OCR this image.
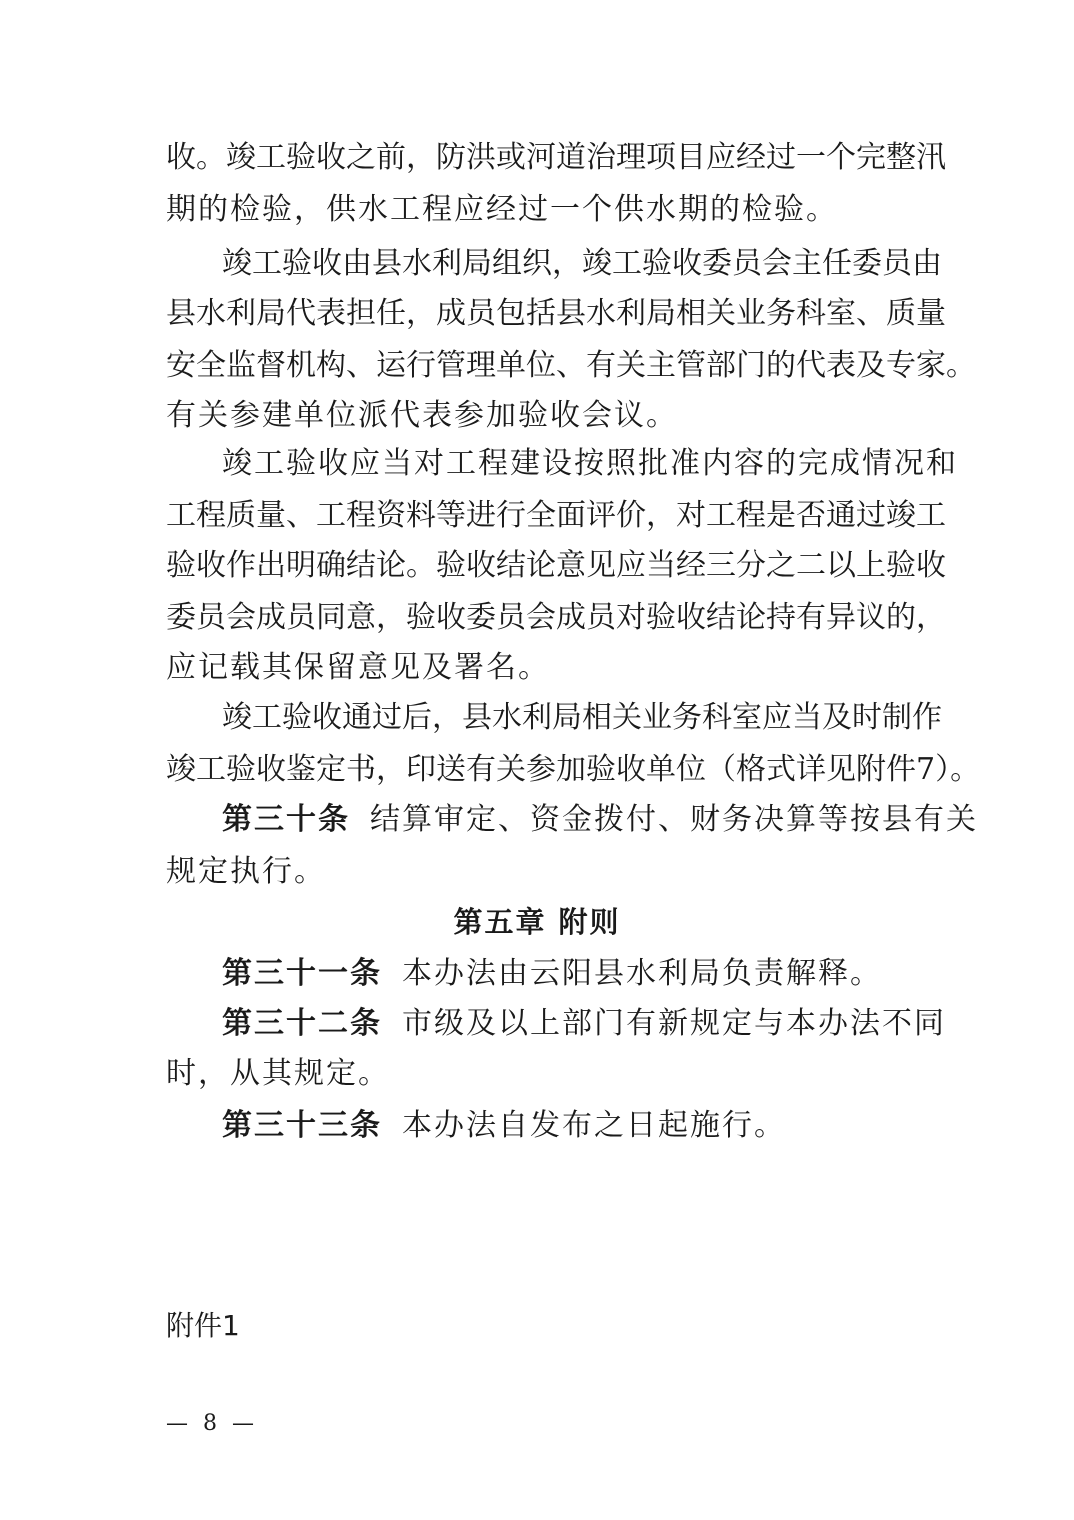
收。竣工验收之前，防洪或河道治理项目应经过一个完整汛
期的检验，供水工程应经过一个供水期的检验。
竣工验收由县水利局组织，竣工验收委员会主任委员由
县水利局代表担任，成员包括县水利局相关业务科室、质量
安全监督机构、运行管理单位、有关主管部门的代表及专家。
有关参建单位派代表参加验收会议。
竣工验收应当对工程建设按照批准内容的完成情况和
工程质量、工程资料等进行全面评价，对工程是否通过竣工
验收作出明确结论。验收结论意见应当经三分之二以上验收
委员会成员同意，验收委员会成员对验收结论持有异议的，
应记载其保留意见及署名。
竣工验收通过后，县水利局相关业务科室应当及时制作
竣工验收鉴定书，印送有关参加验收单位（格式详见附件7）。
第三十条 结算审定、资金拨付、财务决算等按县有关
规定执行。
第五章 附则
第三十一条 本办法由云阳县水利局负责解释。
第三十二条 市级及以上部门有新规定与本办法不同
时，从其规定。
第三十三条 本办法自发布之日起施行。
附件1
— 8 —
